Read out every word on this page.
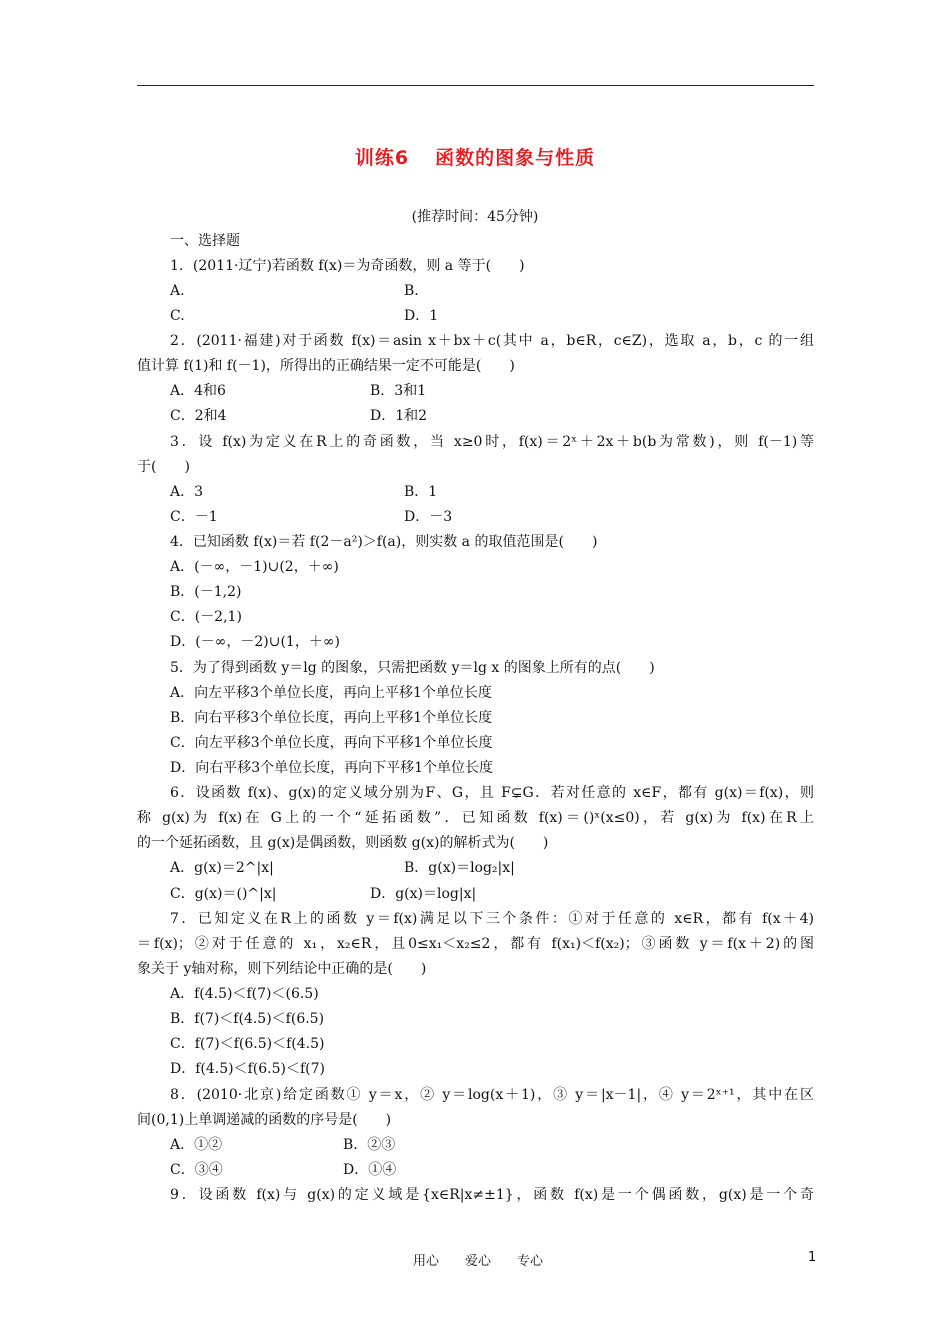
训练6 函数的图象与性质
(推荐时间：45分钟)
一、选择题
1．(2011·辽宁)若函数 f(x)＝为奇函数，则 a 等于(　　)
A.	B.
C.	D．1
2．(2011·福建)对于函数 f(x)＝asin x＋bx＋c(其中 a，b∈R，c∈Z)，选取 a，b，c 的一组
值计算 f(1)和 f(－1)，所得出的正确结果一定不可能是(　　)
A．4和6	B．3和1
C．2和4	D．1和2
3．设 f(x)为定义在R上的奇函数，当 x≥0时，f(x)＝2ˣ＋2x＋b(b为常数)，则 f(－1)等
于(　　)
A．3	B．1
C．－1	D．－3
4．已知函数 f(x)＝若 f(2－a²)＞f(a)，则实数 a 的取值范围是(　　)
A．(－∞，－1)∪(2，＋∞)
B．(－1,2)
C．(－2,1)
D．(－∞，－2)∪(1，＋∞)
5．为了得到函数 y＝lg 的图象，只需把函数 y＝lg x 的图象上所有的点(　　)
A．向左平移3个单位长度，再向上平移1个单位长度
B．向右平移3个单位长度，再向上平移1个单位长度
C．向左平移3个单位长度，再向下平移1个单位长度
D．向右平移3个单位长度，再向下平移1个单位长度
6．设函数 f(x)、g(x)的定义域分别为F、G，且 F⊊G．若对任意的 x∈F，都有 g(x)＝f(x)，则
称 g(x)为 f(x)在 G上的一个“延拓函数”．已知函数 f(x)＝()ˣ(x≤0)，若 g(x)为 f(x)在R上
的一个延拓函数，且 g(x)是偶函数，则函数 g(x)的解析式为(　　)
A．g(x)＝2^|x|	B．g(x)＝log₂|x|
C．g(x)＝()^|x|	D．g(x)＝log|x|
7．已知定义在R上的函数 y＝f(x)满足以下三个条件：①对于任意的 x∈R，都有 f(x＋4)
＝f(x)；②对于任意的 x₁，x₂∈R，且0≤x₁＜x₂≤2，都有 f(x₁)＜f(x₂)；③函数 y＝f(x＋2)的图
象关于 y轴对称，则下列结论中正确的是(　　)
A．f(4.5)＜f(7)＜(6.5)
B．f(7)＜f(4.5)＜f(6.5)
C．f(7)＜f(6.5)＜f(4.5)
D．f(4.5)＜f(6.5)＜f(7)
8．(2010·北京)给定函数① y＝x，② y＝log(x＋1)，③ y＝|x－1|，④ y＝2ˣ⁺¹，其中在区
间(0,1)上单调递减的函数的序号是(　　)
A．①②	B．②③
C．③④	D．①④
9．设函数 f(x)与 g(x)的定义域是{x∈R|x≠±1}，函数 f(x)是一个偶函数，g(x)是一个奇
用心　　爱心　　专心	1
